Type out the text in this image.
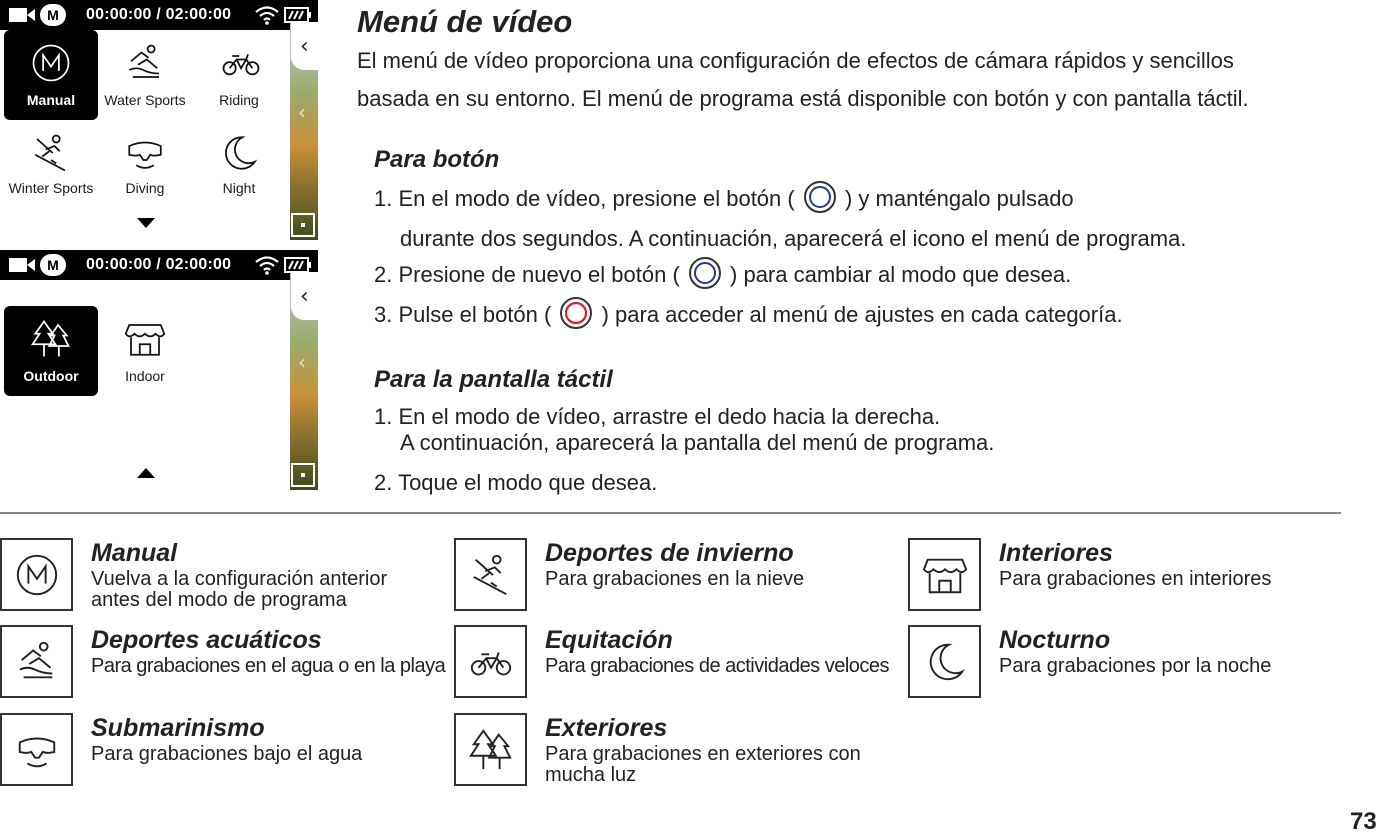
M	00:00:00 / 02:00:00
Manual	Water Sports	Riding
Winter Sports	Diving	Night
‹
‹
M	00:00:00 / 02:00:00
Outdoor	Indoor
‹
‹
Menú de vídeo
El menú de vídeo proporciona una configuración de efectos de cámara rápidos y sencillos
basada en su entorno. El menú de programa está disponible con botón y con pantalla táctil.
Para botón
1. En el modo de vídeo, presione el botón ( ) y manténgalo pulsado
durante dos segundos. A continuación, aparecerá el icono el menú de programa.
2. Presione de nuevo el botón ( ) para cambiar al modo que desea.
3. Pulse el botón ( ) para acceder al menú de ajustes en cada categoría.
Para la pantalla táctil
1. En el modo de vídeo, arrastre el dedo hacia la derecha.
A continuación, aparecerá la pantalla del menú de programa.
2. Toque el modo que desea.
Manual
Vuelva a la configuración anterior
antes del modo de programa
Deportes acuáticos
Para grabaciones en el agua o en la playa
Submarinismo
Para grabaciones bajo el agua
Deportes de invierno
Para grabaciones en la nieve
Equitación
Para grabaciones de actividades veloces
Exteriores
Para grabaciones en exteriores con
mucha luz
Interiores
Para grabaciones en interiores
Nocturno
Para grabaciones por la noche
73
